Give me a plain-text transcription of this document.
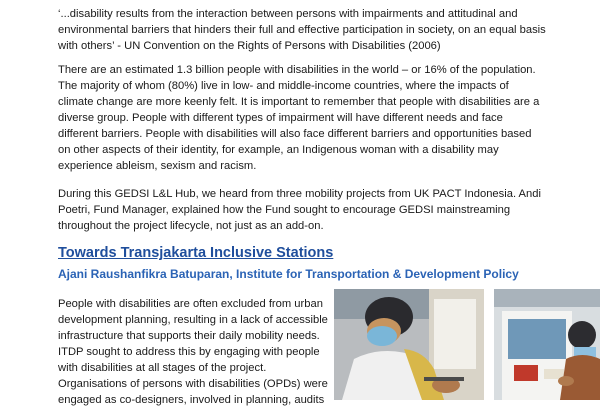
‘...disability results from the interaction between persons with impairments and attitudinal and environmental barriers that hinders their full and effective participation in society, on an equal basis with others’ - UN Convention on the Rights of Persons with Disabilities (2006)

There are an estimated 1.3 billion people with disabilities in the world – or 16% of the population. The majority of whom (80%) live in low- and middle-income countries, where the impacts of climate change are more keenly felt. It is important to remember that people with disabilities are a diverse group. People with different types of impairment will have different needs and face different barriers. People with disabilities will also face different barriers and opportunities based on other aspects of their identity, for example, an Indigenous woman with a disability may experience ableism, sexism and racism.

During this GEDSI L&L Hub, we heard from three mobility projects from UK PACT Indonesia. Andi Poetri, Fund Manager, explained how the Fund sought to encourage GEDSI mainstreaming throughout the project lifecycle, not just as an add-on.

Towards Transjakarta Inclusive Stations
Ajani Raushanfikra Batuparan, Institute for Transportation & Development Policy

People with disabilities are often excluded from urban development planning, resulting in a lack of accessible infrastructure that supports their daily mobility needs. ITDP sought to address this by engaging with people with disabilities at all stages of the project. Organisations of persons with disabilities (OPDs) were engaged as co-designers, involved in planning, audits
